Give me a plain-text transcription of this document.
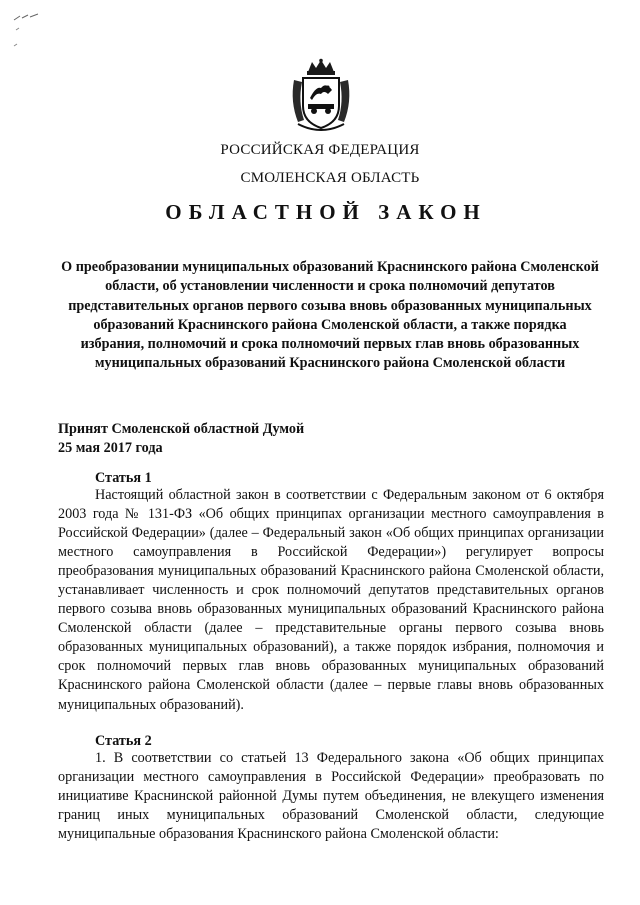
РОССИЙСКАЯ ФЕДЕРАЦИЯ
СМОЛЕНСКАЯ ОБЛАСТЬ
ОБЛАСТНОЙ ЗАКОН
О преобразовании муниципальных образований Краснинского района Смоленской области, об установлении численности и срока полномочий депутатов представительных органов первого созыва вновь образованных муниципальных образований Краснинского района Смоленской области, а также порядка избрания, полномочий и срока полномочий первых глав вновь образованных муниципальных образований Краснинского района Смоленской области
Принят Смоленской областной Думой
25 мая 2017 года
Статья 1

Настоящий областной закон в соответствии с Федеральным законом от 6 октября 2003 года № 131-ФЗ «Об общих принципах организации местного самоуправления в Российской Федерации» (далее – Федеральный закон «Об общих принципах организации местного самоуправления в Российской Федерации») регулирует вопросы преобразования муниципальных образований Краснинского района Смоленской области, устанавливает численность и срок полномочий депутатов представительных органов первого созыва вновь образованных муниципальных образований Краснинского района Смоленской области (далее – представительные органы первого созыва вновь образованных муниципальных образований), а также порядок избрания, полномочия и срок полномочий первых глав вновь образованных муниципальных образований Краснинского района Смоленской области (далее – первые главы вновь образованных муниципальных образований).

Статья 2

1. В соответствии со статьей 13 Федерального закона «Об общих принципах организации местного самоуправления в Российской Федерации» преобразовать по инициативе Краснинской районной Думы путем объединения, не влекущего изменения границ иных муниципальных образований Смоленской области, следующие муниципальные образования Краснинского района Смоленской области:
